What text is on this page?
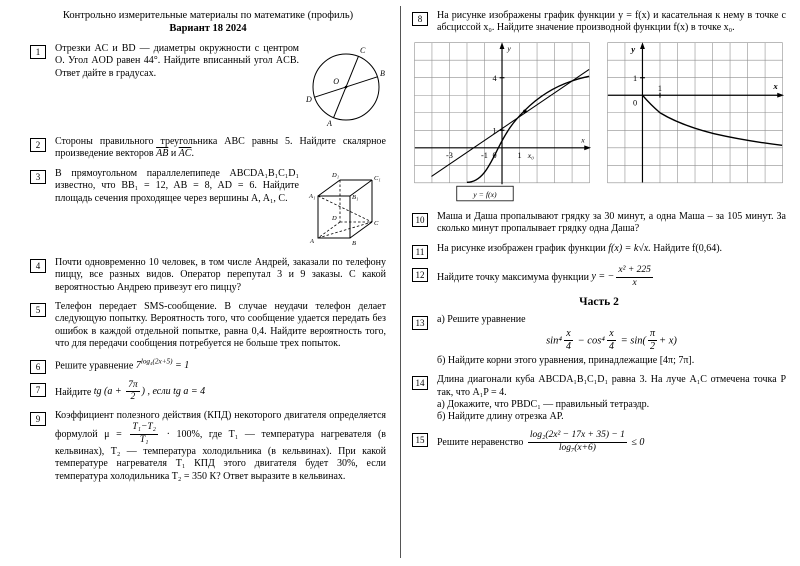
Контрольно измерительные материалы по математике (профиль)
Вариант 18 2024
1
O
C
B
D
A
Отрезки AC и BD — диаметры окружности с центром O. Угол AOD равен 44°. Найдите вписанный угол ACB. Ответ дайте в градусах.
2	Стороны правильного треугольника ABC равны 5. Найдите скалярное произведение векторов $\overline{AB}$ и $\overline{AC}$.
3
A₁	B₁
C₁
D₁
A	B
C
D
В прямоугольном параллелепипеде ABCDA₁B₁C₁D₁ известно, что BB₁ = 12, AB = 8, AD = 6. Найдите площадь сечения проходящее через вершины A, A₁, C.
4	Почти одновременно 10 человек, в том числе Андрей, заказали по телефону пиццу, все разных видов. Оператор перепутал 3 и 9 заказы. С какой вероятностью Андрею привезут его пиццу?
5	Телефон передает SMS-сообщение. В случае неудачи телефон делает следующую попытку. Вероятность того, что сообщение удается передать без ошибок в каждой отдельной попытке, равна 0,4. Найдите вероятность того, что для передачи сообщения потребуется не больше трех попыток.
6	Решите уравнение $7^{log_4(2x+5)} = 1$
7	Найдите tg ($a + \frac{7\pi}{2}$ ) , если tg a = 4
9	Коэффициент полезного действия (КПД) некоторого двигателя определяется формулой $\mu = \frac{\text{T₁−T₂}}{\text{T₁}} \cdot 100\%$, где T₁ — температура нагревателя (в кельвинах), T₂ — температура холодильника (в кельвинах). При какой температуре нагревателя T₁ КПД этого двигателя будет 30%, если температура холодильника T₂ = 350 К? Ответ выразите в кельвинах.
8	На рисунке изображены график функции y = f(x) и касательная к нему в точке с абсциссой x₀. Найдите значение производной функции f(x) в точке x₀.
y
x
4
1
-3	-1 0 1 x₀
y = f(x)
y
x
1
0
1
10	Маша и Даша пропалывают грядку за 30 минут, а одна Маша – за 105 минут. За сколько минут пропалывает грядку одна Даша?
11	На рисунке изображен график функции f(x) = k√x. Найдите f(0,64).
12	Найдите точку максимума функции y = − $\frac{\text{x² + 225}}{x}$
Часть 2
13	а) Решите уравнение
$\sin^4 \frac{x}{4} - \cos^4 \frac{x}{4} = \sin( \frac{\pi}{2} + x)$
б) Найдите корни этого уравнения, принадлежащие [4π; 7π].
14	Длина диагонали куба ABCDA₁B₁C₁D₁ равна 3. На луче A₁C отмечена точка P так, что A₁P = 4.
а) Докажите, что PBDC₁ — правильный тетраэдр.
б) Найдите длину отрезка AP.
15	Решите неравенство $\frac{\text{log₂(2x² − 17x + 35) − 1}}{\text{log₇(x+6)}} \le 0$
